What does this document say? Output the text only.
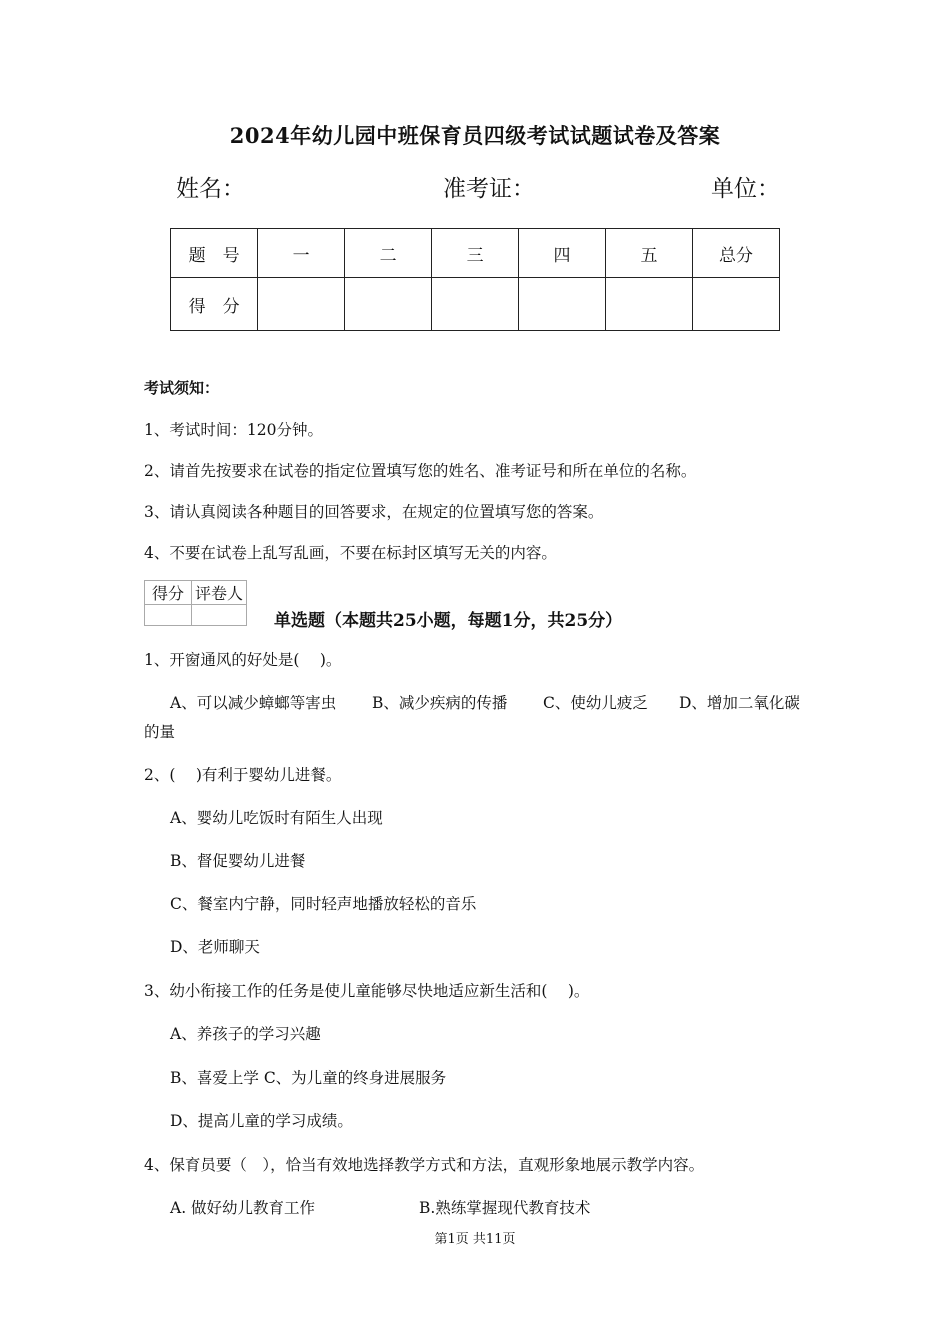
2024年幼儿园中班保育员四级考试试题试卷及答案
姓名：	准考证：	单位：
题　号	一	二	三	四	五	总分
得　分						
考试须知：
1、考试时间：120分钟。
2、请首先按要求在试卷的指定位置填写您的姓名、准考证号和所在单位的名称。
3、请认真阅读各种题目的回答要求，在规定的位置填写您的答案。
4、不要在试卷上乱写乱画，不要在标封区填写无关的内容。
得分	评卷人

单选题（本题共25小题，每题1分，共25分）
1、开窗通风的好处是(　 )。
A、可以减少蟑螂等害虫 B、减少疾病的传播 C、使幼儿疲乏 D、增加二氧化碳
的量
2、(　 )有利于婴幼儿进餐。
A、婴幼儿吃饭时有陌生人出现
B、督促婴幼儿进餐
C、餐室内宁静，同时轻声地播放轻松的音乐
D、老师聊天
3、幼小衔接工作的任务是使儿童能够尽快地适应新生活和(　 )。
A、养孩子的学习兴趣
B、喜爱上学 C、为儿童的终身进展服务
D、提高儿童的学习成绩。
4、保育员要（　），恰当有效地选择教学方式和方法，直观形象地展示教学内容。
A. 做好幼儿教育工作	B.熟练掌握现代教育技术
第1页 共11页
